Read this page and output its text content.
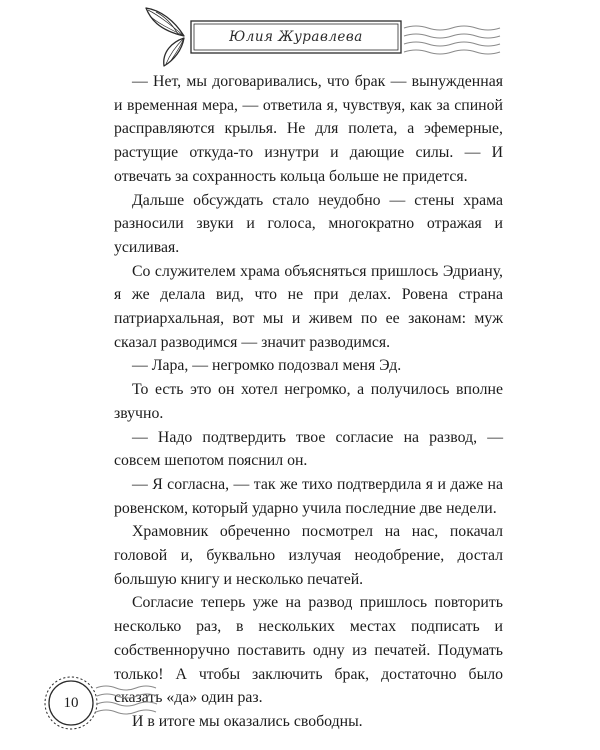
Юлия Журавлева

— Нет, мы договаривались, что брак — вынужденная и временная мера, — ответила я, чувствуя, как за спиной расправляются крылья. Не для полета, а эфемерные, растущие откуда-то изнутри и дающие силы. — И отвечать за сохранность кольца больше не придется.

Дальше обсуждать стало неудобно — стены храма разносили звуки и голоса, многократно отражая и усиливая.

Со служителем храма объясняться пришлось Эдриану, я же делала вид, что не при делах. Ровена страна патриархальная, вот мы и живем по ее законам: муж сказал разводимся — значит разводимся.

— Лара, — негромко подозвал меня Эд.

То есть это он хотел негромко, а получилось вполне звучно.

— Надо подтвердить твое согласие на развод, — совсем шепотом пояснил он.

— Я согласна, — так же тихо подтвердила я и даже на ровенском, который ударно учила последние две недели.

Храмовник обреченно посмотрел на нас, покачал головой и, буквально излучая неодобрение, достал большую книгу и несколько печатей.

Согласие теперь уже на развод пришлось повторить несколько раз, в нескольких местах подписать и собственноручно поставить одну из печатей. Подумать только! А чтобы заключить брак, достаточно было сказать «да» один раз.

И в итоге мы оказались свободны.

10
